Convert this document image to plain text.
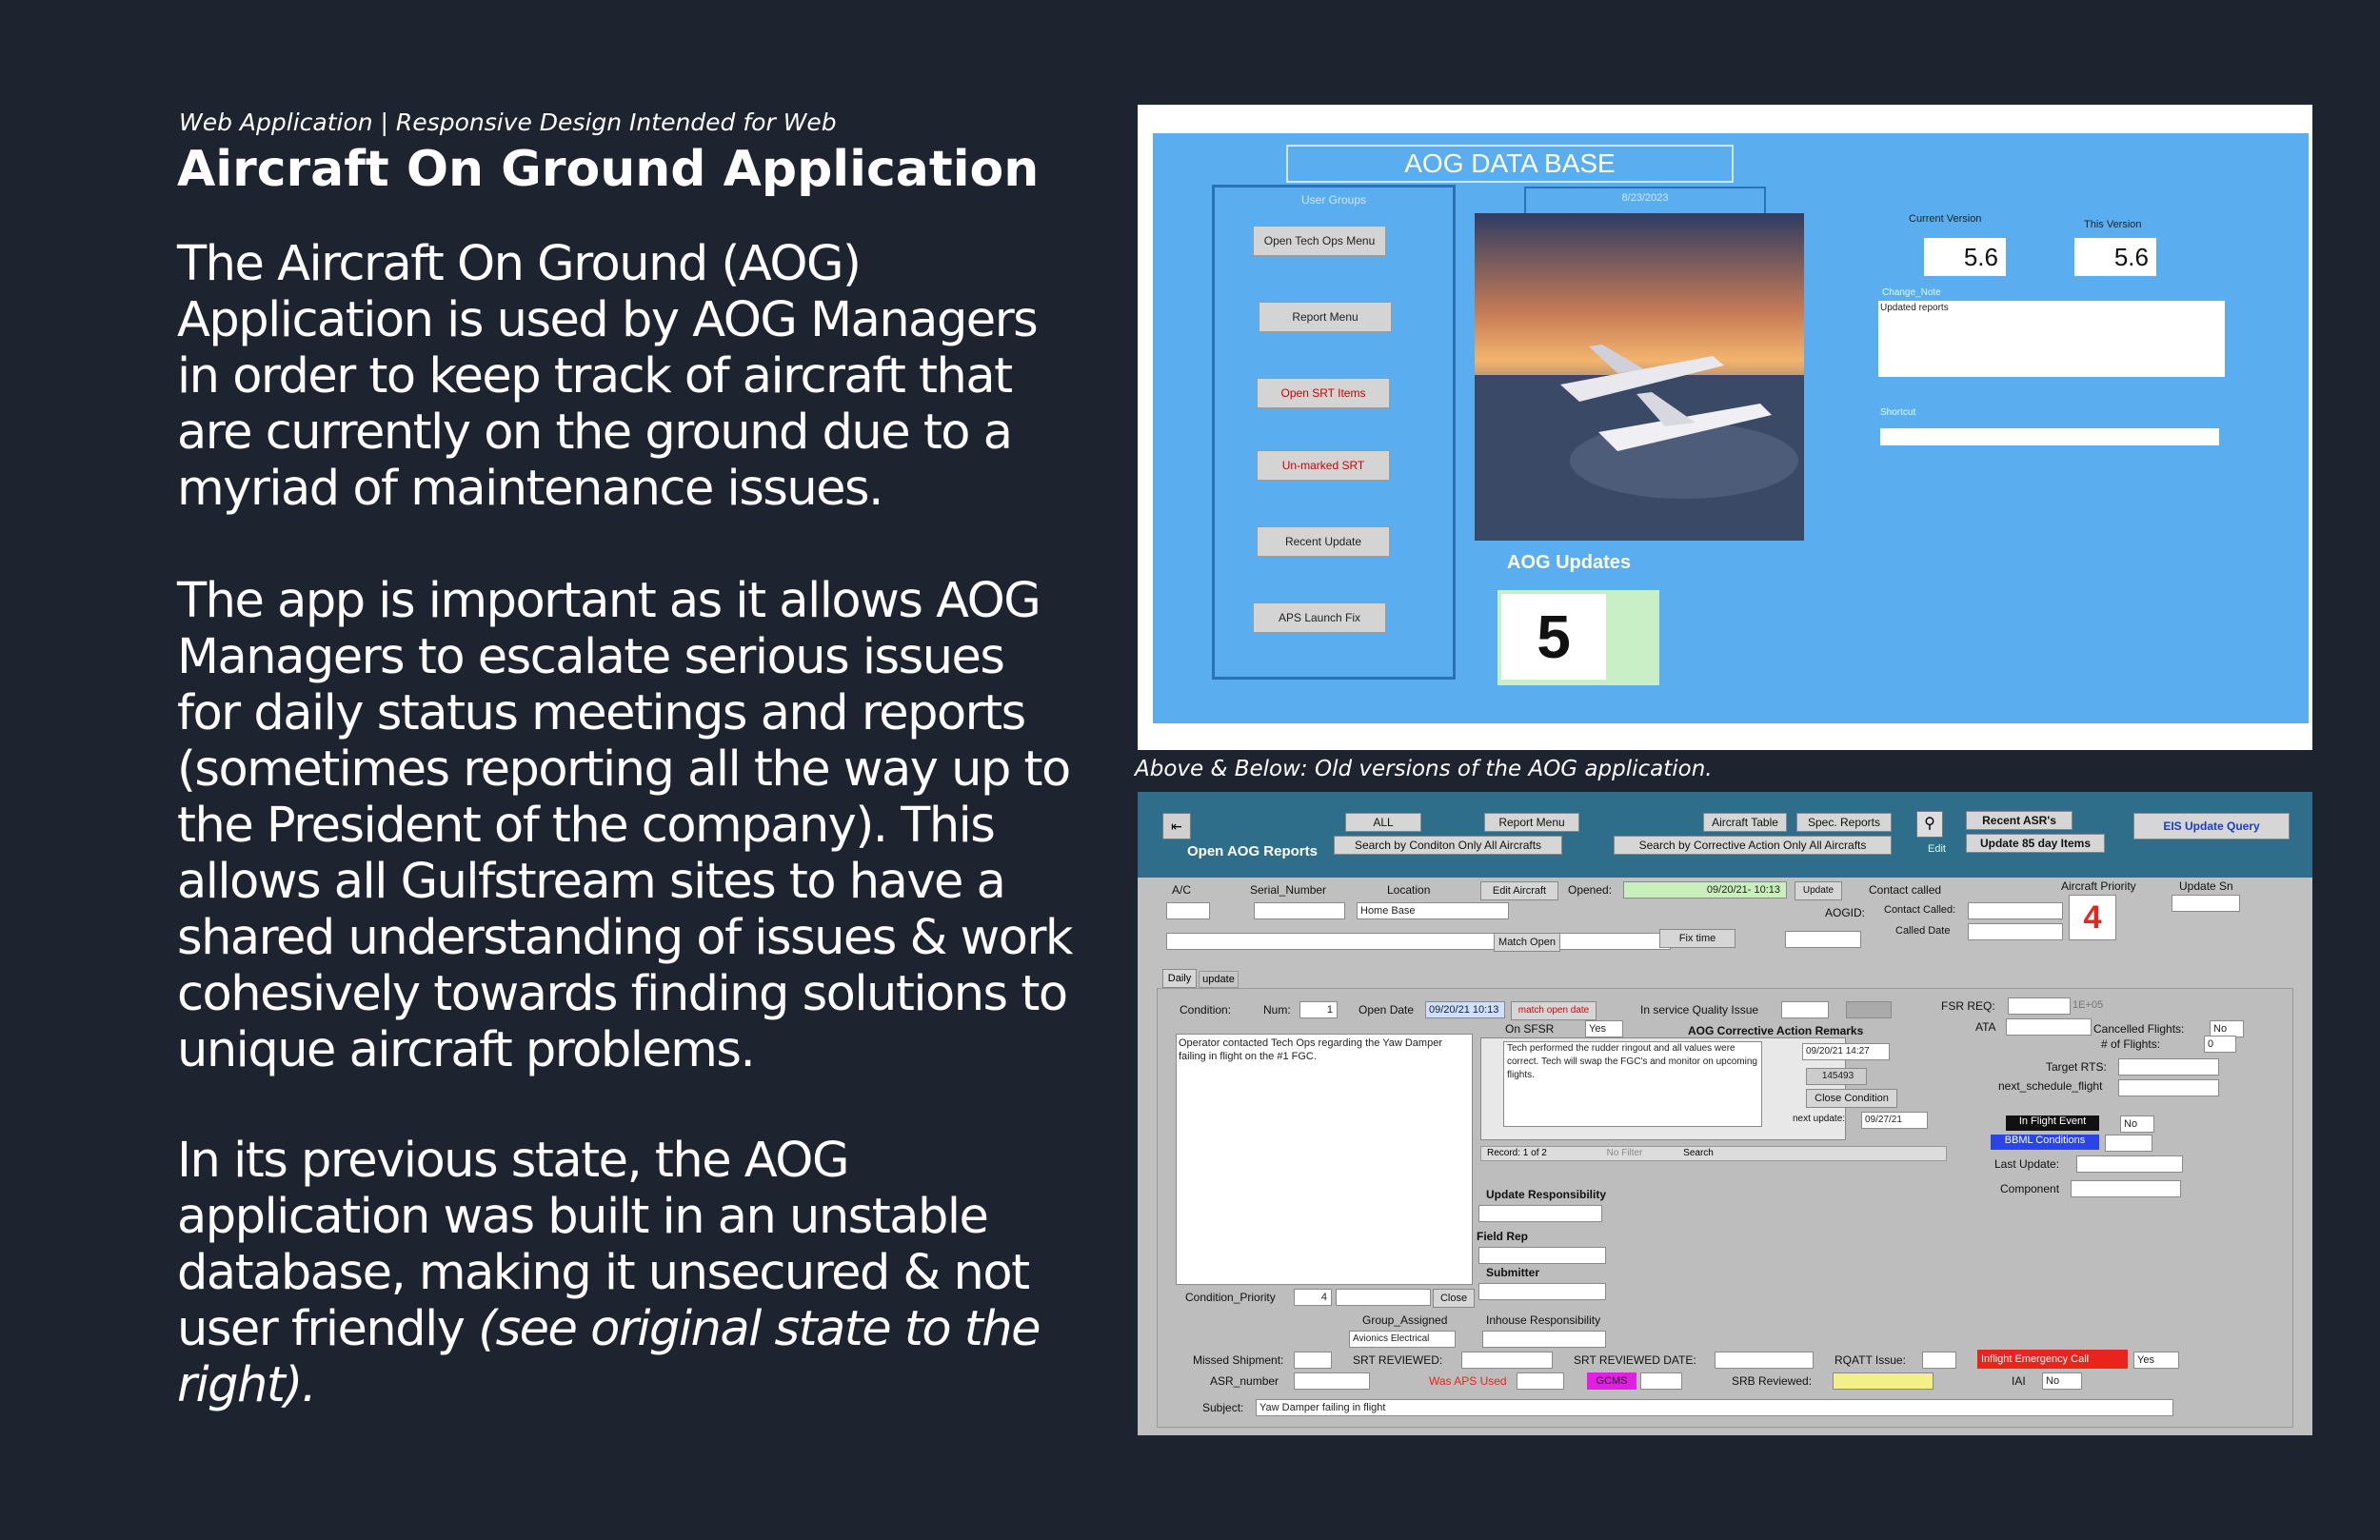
Web Application | Responsive Design Intended for Web
Aircraft On Ground Application
The Aircraft On Ground (AOG) Application is used by AOG Managers in order to keep track of aircraft that are currently on the ground due to a myriad of maintenance issues.
The app is important as it allows AOG Managers to escalate serious issues for daily status meetings and reports (sometimes reporting all the way up to the President of the company). This allows all Gulfstream sites to have a shared understanding of issues & work cohesively towards finding solutions to unique aircraft problems.
In its previous state, the AOG application was built in an unstable database, making it unsecured & not user friendly (see original state to the right).
Above & Below: Old versions of the AOG application.
AOG DATA BASE
User Groups
Open Tech Ops Menu
Report Menu
Open SRT Items
Un-marked SRT
Recent Update
APS Launch Fix
8/23/2023
AOG Updates
5
Current Version
5.6
This Version
5.6
Change_Note
Updated reports
Shortcut
⇤
Open AOG Reports
ALL	Report Menu	Aircraft Table	Spec. Reports
Search by Conditon Only All Aircrafts	Search by Corrective Action Only All Aircrafts
⚲
Edit
Recent ASR's
Update 85 day Items
EIS Update Query
A/C	Serial_Number	Location	Edit Aircraft	Opened:	09/20/21- 10:13	Update	Contact called	Aircraft Priority	Update Sn
Home Base	AOGID: Contact Called:
Called Date	4
Match Open	Fix time
Daily	update
Condition:	Num:	1	Open Date	09/20/21 10:13	match open date	In service Quality Issue	FSR REQ:	1E+05
On SFSR	Yes	AOG Corrective Action Remarks	ATA
Operator contacted Tech Ops regarding the Yaw Damper failing in flight on the #1 FGC.
Tech performed the rudder ringout and all values were correct. Tech will swap the FGC's and monitor on upcoming flights.
09/20/21 14:27
145493
Close Condition
next update:	09/27/21
Record: 1 of 2	No Filter	Search
Cancelled Flights:	No
# of Flights:	0
Target RTS:
next_schedule_flight
In Flight Event	No
BBML Conditions
Last Update:
Component
Update Responsibility
Field Rep
Submitter
Condition_Priority	4	Close
Group_Assigned	Inhouse Responsibility
Avionics Electrical
Missed Shipment:	SRT REVIEWED:	SRT REVIEWED DATE:	RQATT Issue:	Inflight Emergency Call	Yes
ASR_number	Was APS Used	GCMS	SRB Reviewed:	IAI	No
Subject:	Yaw Damper failing in flight
